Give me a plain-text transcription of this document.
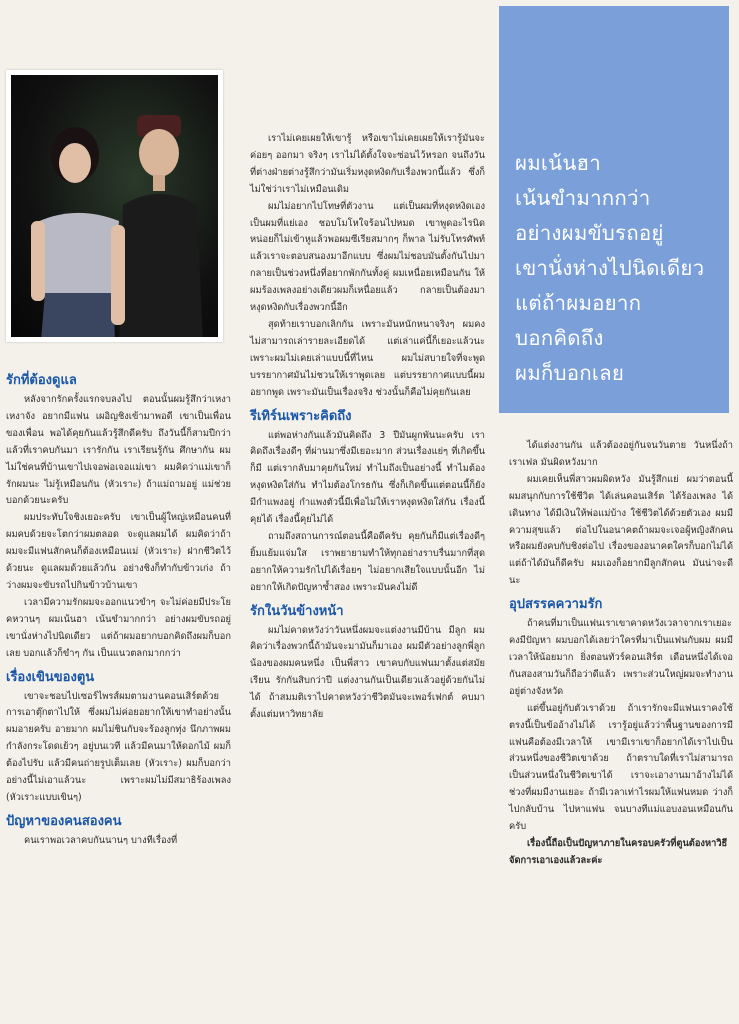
รักที่ต้องดูแล

หลังจากรักครั้งแรกจบลงไป ตอนนั้นผมรู้สึกว่าเหงา เหงาจัง อยากมีแฟน เผอิญชิงเข้ามาพอดี เขาเป็นเพื่อนของเพื่อน พอได้คุยกันแล้วรู้สึกดีครับ ถึงวันนี้ก็สามปีกว่าแล้วที่เราคบกันมา เรารักกัน เราเรียนรู้กัน ศึกษากัน ผมไม่ใช่คนที่บ้านเขาไปเจอพ่อเจอแม่เขา ผมคิดว่าแม่เขาก็รักผมนะ ไม่รู้เหมือนกัน (หัวเราะ) ถ้าแม่ถามอยู่ แม่ช่วยบอกด้วยนะครับ

ผมประทับใจชิงเยอะครับ เขาเป็นผู้ใหญ่เหมือนคนที่ผมคบด้วยจะโตกว่าผมตลอด จะดูแลผมได้ ผมคิดว่าถ้าผมจะมีแฟนสักคนก็ต้องเหมือนแม่ (หัวเราะ) ฝากชีวิตไว้ด้วยนะ ดูแลผมด้วยแล้วกัน อย่างชิงก็ทำกับข้าวเก่ง ถ้าว่างผมจะขับรถไปกินข้าวบ้านเขา

เวลามีความรักผมจะออกแนวขำๆ จะไม่ค่อยมีประโยคหวานๆ ผมเน้นฮา เน้นขำมากกว่า อย่างผมขับรถอยู่ เขานั่งห่างไปนิดเดียว แต่ถ้าผมอยากบอกคิดถึงผมก็บอกเลย บอกแล้วก็ขำๆ กัน เป็นแนวตลกมากกว่า

เรื่องเขินของตูน

เขาจะชอบไปเซอร์ไพรส์ผมตามงานคอนเสิร์ตด้วยการเอาตุ๊กตาไปให้ ซึ่งผมไม่ค่อยอยากให้เขาทำอย่างนั้น ผมอายครับ อายมาก ผมไม่ชินกับจะร้องลูกทุ่ง นึกภาพผมกำลังกระโดดเย้วๆ อยู่บนเวที แล้วมีคนมาให้ดอกไม้ ผมก็ต้องไปรับ แล้วมีคนถ่ายรูปเต็มเลย (หัวเราะ) ผมก็บอกว่าอย่างนี้ไม่เอาแล้วนะ เพราะผมไม่มีสมาธิร้องเพลง (หัวเราะแบบเขินๆ)

ปัญหาของคนสองคน

คนเราพอเวลาคบกันนานๆ บางทีเรื่องที่

เราไม่เคยเผยให้เขารู้ หรือเขาไม่เคยเผยให้เรารู้มันจะค่อยๆ ออกมา จริงๆ เราไม่ได้ตั้งใจจะซ่อนไว้หรอก จนถึงวันที่ต่างฝ่ายต่างรู้สึกว่ามันเริ่มหงุดหงิดกับเรื่องพวกนี้แล้ว ซึ่งก็ไม่ใช่ว่าเราไม่เหมือนเดิม

ผมไม่อยากไปโทษที่ตัวงาน แต่เป็นผมที่หงุดหงิดเอง เป็นผมที่แย่เอง ชอบโมโหใจร้อนไปหมด เขาพูดอะไรนิดหน่อยก็ไม่เข้าหูแล้วพอผมซีเรียสมากๆ ก็พาล ไม่รับโทรศัพท์ แล้วเราจะตอบสนองมาอีกแบบ ซึ่งผมไม่ชอบมันตั้งกันไปมา กลายเป็นช่วงหนึ่งที่อยากพักกันทั้งคู่ ผมเหนื่อยเหมือนกัน ให้ผมร้องเพลงอย่างเดียวผมก็เหนื่อยแล้ว กลายเป็นต้องมาหงุดหงิดกับเรื่องพวกนี้อีก

สุดท้ายเราบอกเลิกกัน เพราะมันหนักหนาจริงๆ ผมคงไม่สามารถเล่ารายละเอียดได้ แต่เล่าแค่นี้ก็เยอะแล้วนะ เพราะผมไม่เคยเล่าแบบนี้ที่ไหน ผมไม่สบายใจที่จะพูด บรรยากาศมันไม่ชวนให้เราพูดเลย แต่บรรยากาศแบบนี้ผมอยากพูด เพราะมันเป็นเรื่องจริง ช่วงนั้นก็คือไม่คุยกันเลย

รีเทิร์นเพราะคิดถึง

แต่พอห่างกันแล้วมันคิดถึง 3 ปีมันผูกพันนะครับ เราคิดถึงเรื่องดีๆ ที่ผ่านมาซึ่งมีเยอะมาก ส่วนเรื่องแย่ๆ ที่เกิดขึ้นก็มี แต่เรากลับมาคุยกันใหม่ ทำไมถึงเป็นอย่างนี้ ทำไมต้องหงุดหงิดใส่กัน ทำไมต้องโกรธกัน ซึ่งก็เกิดขึ้นแต่ตอนนี้ก็ยังมีกำแพงอยู่ กำแพงตัวนี้มีเพื่อไม่ให้เราหงุดหงิดใส่กัน เรื่องนี้คุยได้ เรื่องนี้คุยไม่ได้

ถามถึงสถานการณ์ตอนนี้คือดีครับ คุยกันก็มีแต่เรื่องดีๆ ยิ้มแย้มแจ่มใส เราพยายามทำให้ทุกอย่างราบรื่นมากที่สุด อยากให้ความรักไปได้เรื่อยๆ ไม่อยากเสียใจแบบนั้นอีก ไม่อยากให้เกิดปัญหาซ้ำสอง เพราะมันคงไม่ดี

รักในวันข้างหน้า

ผมไม่คาดหวังว่าวันหนึ่งผมจะแต่งงานมีบ้าน มีลูก ผมคิดว่าเรื่องพวกนี้ถ้ามันจะมามันก็มาเอง ผมมีตัวอย่างลูกพี่ลูกน้องของผมคนหนึ่ง เป็นพี่สาว เขาคบกับแฟนมาตั้งแต่สมัยเรียน รักกันสิบกว่าปี แต่งงานกันเป็นเดียวแล้วอยู่ด้วยกันไม่ได้ ถ้าสมมติเราไปคาดหวังว่าชีวิตมันจะเพอร์เฟกต์ คบมาตั้งแต่มหาวิทยาลัย

ผมเน้นฮา
เน้นขำมากกว่า
อย่างผมขับรถอยู่
เขานั่งห่างไปนิดเดียว
แต่ถ้าผมอยาก
บอกคิดถึง
ผมก็บอกเลย

ได้แต่งงานกัน แล้วต้องอยู่กันจนวันตาย วันหนึ่งถ้าเราเฟล มันผิดหวังมาก

ผมเคยเห็นพี่สาวผมผิดหวัง มันรู้สึกแย่ ผมว่าตอนนี้ผมสนุกกับการใช้ชีวิต ได้เล่นคอนเสิร์ต ได้ร้องเพลง ได้เดินทาง ได้มีเงินให้พ่อแม่บ้าง ใช้ชีวิตได้ด้วยตัวเอง ผมมีความสุขแล้ว ต่อไปในอนาคตถ้าผมจะเจอผู้หญิงสักคน หรือผมยังคบกับชิงต่อไป เรื่องของอนาคตใครก็บอกไม่ได้ แต่ถ้าได้มันก็ดีครับ ผมเองก็อยากมีลูกสักคน มันน่าจะดีนะ

อุปสรรคความรัก

ถ้าคนที่มาเป็นแฟนเราเขาคาดหวังเวลาจากเราเยอะ คงมีปัญหา ผมบอกได้เลยว่าใครที่มาเป็นแฟนกับผม ผมมีเวลาให้น้อยมาก ยิ่งตอนทัวร์คอนเสิร์ต เดือนหนึ่งได้เจอกันสองสามวันก็ถือว่าดีแล้ว เพราะส่วนใหญ่ผมจะทำงานอยู่ต่างจังหวัด

แต่ขึ้นอยู่กับตัวเราด้วย ถ้าเรารักจะมีแฟนเราคงใช้ตรงนี้เป็นข้ออ้างไม่ได้ เรารู้อยู่แล้วว่าพื้นฐานของการมีแฟนคือต้องมีเวลาให้ เขามีเราเขาก็อยากได้เราไปเป็นส่วนหนึ่งของชีวิตเขาด้วย ถ้าตราบใดที่เราไม่สามารถเป็นส่วนหนึ่งในชีวิตเขาได้ เราจะเอางานมาอ้างไม่ได้ ช่วงที่ผมมีงานเยอะ ถ้ามีเวลาเท่าไรผมให้แฟนหมด ว่างก็ไปกลับบ้าน ไปหาแฟน จนบางทีแม่แอบงอนเหมือนกันครับ

เรื่องนี้ถือเป็นปัญหาภายในครอบครัวที่ตูนต้องหาวิธีจัดการเอาเองแล้วละค่ะ
